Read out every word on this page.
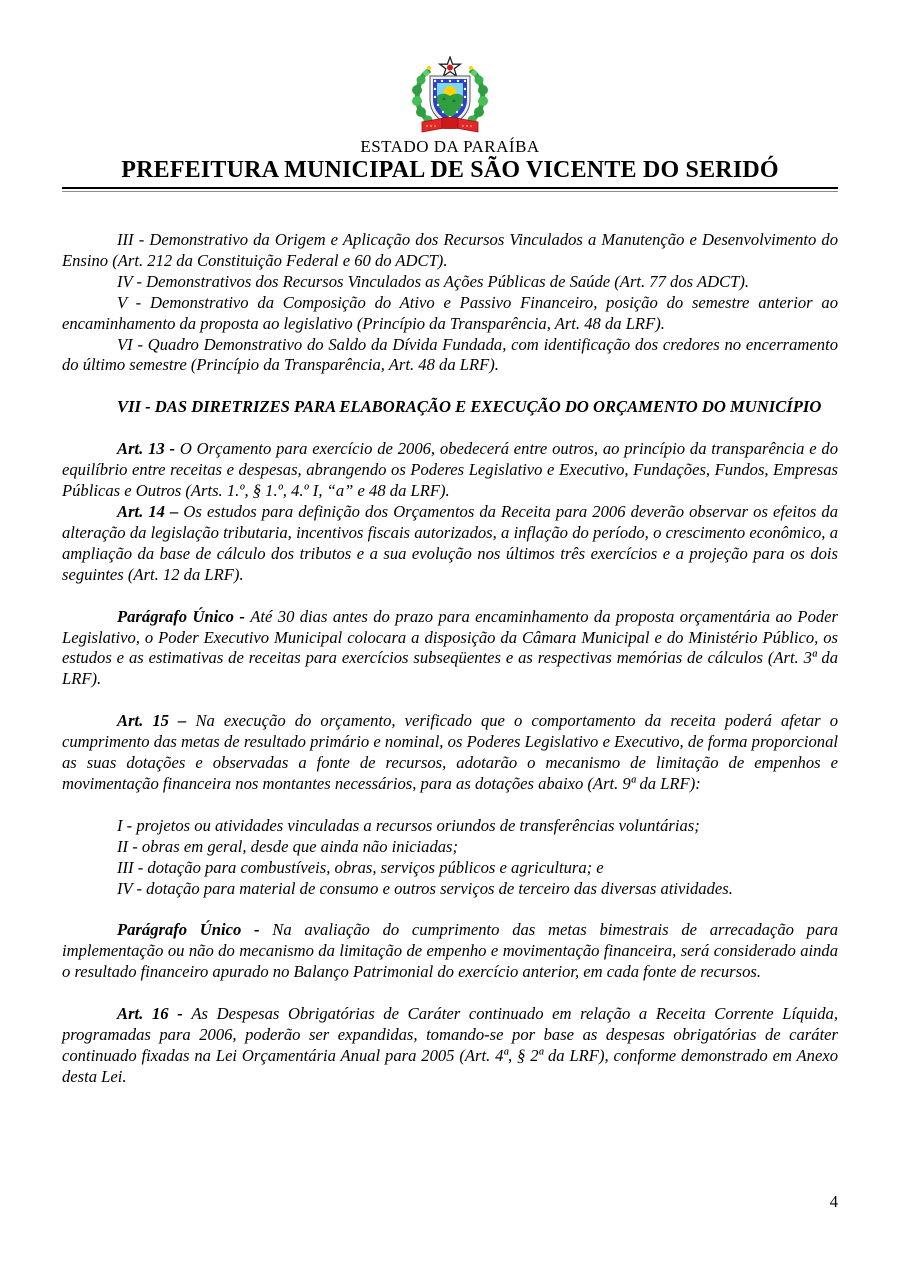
ESTADO DA PARAÍBA
PREFEITURA MUNICIPAL DE SÃO VICENTE DO SERIDÓ

III - Demonstrativo da Origem e Aplicação dos Recursos Vinculados a Manutenção e Desenvolvimento do Ensino (Art. 212 da Constituição Federal e 60 do ADCT).

IV - Demonstrativos dos Recursos Vinculados as Ações Públicas de Saúde (Art. 77 dos ADCT).

V - Demonstrativo da Composição do Ativo e Passivo Financeiro, posição do semestre anterior ao encaminhamento da proposta ao legislativo (Princípio da Transparência, Art. 48 da LRF).

VI - Quadro Demonstrativo do Saldo da Dívida Fundada, com identificação dos credores no encerramento do último semestre (Princípio da Transparência, Art. 48 da LRF).

VII - DAS DIRETRIZES PARA ELABORAÇÃO E EXECUÇÃO DO ORÇAMENTO DO MUNICÍPIO

Art. 13 - O Orçamento para exercício de 2006, obedecerá entre outros, ao princípio da transparência e do equilíbrio entre receitas e despesas, abrangendo os Poderes Legislativo e Executivo, Fundações, Fundos, Empresas Públicas e Outros (Arts. 1.º, § 1.º, 4.º I, “a” e 48 da LRF).

Art. 14 – Os estudos para definição dos Orçamentos da Receita para 2006 deverão observar os efeitos da alteração da legislação tributaria, incentivos fiscais autorizados, a inflação do período, o crescimento econômico, a ampliação da base de cálculo dos tributos e a sua evolução nos últimos três exercícios e a projeção para os dois seguintes (Art. 12 da LRF).

Parágrafo Único - Até 30 dias antes do prazo para encaminhamento da proposta orçamentária ao Poder Legislativo, o Poder Executivo Municipal colocara a disposição da Câmara Municipal e do Ministério Público, os estudos e as estimativas de receitas para exercícios subseqüentes e as respectivas memórias de cálculos (Art. 3ª da LRF).

Art. 15 – Na execução do orçamento, verificado que o comportamento da receita poderá afetar o cumprimento das metas de resultado primário e nominal, os Poderes Legislativo e Executivo, de forma proporcional as suas dotações e observadas a fonte de recursos, adotarão o mecanismo de limitação de empenhos e movimentação financeira nos montantes necessários, para as dotações abaixo (Art. 9ª da LRF):

I - projetos ou atividades vinculadas a recursos oriundos de transferências voluntárias;
II - obras em geral, desde que ainda não iniciadas;
III - dotação para combustíveis, obras, serviços públicos e agricultura; e
IV - dotação para material de consumo e outros serviços de terceiro das diversas atividades.

Parágrafo Único - Na avaliação do cumprimento das metas bimestrais de arrecadação para implementação ou não do mecanismo da limitação de empenho e movimentação financeira, será considerado ainda o resultado financeiro apurado no Balanço Patrimonial do exercício anterior, em cada fonte de recursos.

Art. 16 - As Despesas Obrigatórias de Caráter continuado em relação a Receita Corrente Líquida, programadas para 2006, poderão ser expandidas, tomando-se por base as despesas obrigatórias de caráter continuado fixadas na Lei Orçamentária Anual para 2005 (Art. 4ª, § 2ª da LRF), conforme demonstrado em Anexo desta Lei.

4
